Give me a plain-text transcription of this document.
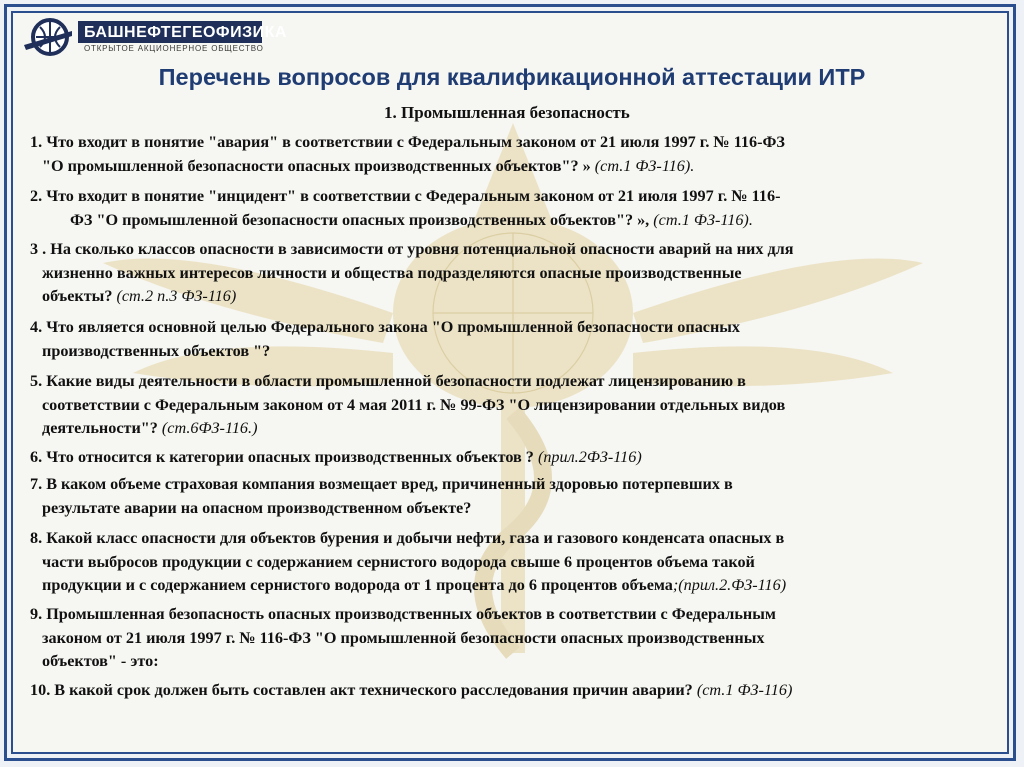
БАШНЕФТЕГЕОФИЗИКА
ОТКРЫТОЕ АКЦИОНЕРНОЕ ОБЩЕСТВО
Перечень вопросов для квалификационной аттестации ИТР
1. Промышленная безопасность
1. Что входит в понятие "авария" в соответствии с Федеральным законом от 21 июля 1997 г. № 116-ФЗ
"О промышленной безопасности опасных производственных объектов"? » (ст.1 ФЗ-116).
2. Что входит в понятие "инцидент" в соответствии с Федеральным законом от 21 июля 1997 г. № 116-
ФЗ "О промышленной безопасности опасных производственных объектов"? », (ст.1 ФЗ-116).
3 . На сколько классов опасности в зависимости от уровня потенциальной опасности аварий на них для
жизненно важных интересов личности и общества подразделяются опасные производственные
объекты? (ст.2 п.3 ФЗ-116)
4. Что является основной целью Федерального закона "О промышленной безопасности опасных
производственных объектов "?
5. Какие виды деятельности в области промышленной безопасности подлежат лицензированию в
соответствии с Федеральным законом от 4 мая 2011 г. № 99-ФЗ "О лицензировании отдельных видов
деятельности"? (ст.6ФЗ-116.)
6. Что относится к категории опасных производственных объектов ? (прил.2ФЗ-116)
7. В каком объеме страховая компания возмещает вред, причиненный здоровью потерпевших в
результате аварии на опасном производственном объекте?
8. Какой класс опасности для объектов бурения и добычи нефти, газа и газового конденсата опасных в
части выбросов продукции с содержанием сернистого водорода свыше 6 процентов объема такой
продукции и с содержанием сернистого водорода от 1 процента до 6 процентов объема;(прил.2.ФЗ-116)
9. Промышленная безопасность опасных производственных объектов в соответствии с Федеральным
законом от 21 июля 1997 г. № 116-ФЗ "О промышленной безопасности опасных производственных
объектов" - это:
10. В какой срок должен быть составлен акт технического расследования причин аварии? (ст.1 ФЗ-116)
